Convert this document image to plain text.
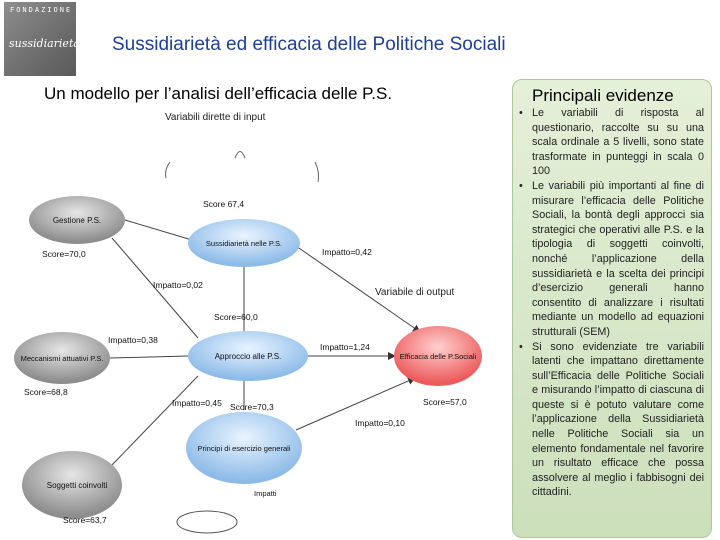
FONDAZIONE
sussidiarietà Sussidiarietà ed efficacia delle Politiche Sociali
Un modello per l’analisi dell’efficacia delle P.S.
Variabili dirette di input
Variabile di output
Gestione P.S.
Score=70,0
Meccanismi attuativi P.S.
Score=68,8
Soggetti coinvolti
Score=63,7
Sussidiarietà nelle P.S.
Score 67,4
Approccio alle P.S.
Score=60,0
Principi di esercizio generali
Score=70,3
Efficacia delle P.Sociali
Score=57,0
Impatto=0,42
Impatto=0,02
Impatto=0,38
Impatto=1,24
Impatto=0,45
Impatto=0,10
Impatti
Principali evidenze
• Le variabili di risposta al questionario, raccolte su su una scala ordinale a 5 livelli, sono state trasformate in punteggi in scala 0 100
• Le variabili più importanti al fine di misurare l’efficacia delle Politiche Sociali, la bontà degli approcci sia strategici che operativi alle P.S. e la tipologia di soggetti coinvolti, nonché l’applicazione della sussidiarietà e la scelta dei principi d’esercizio generali hanno consentito di analizzare i risultati mediante un modello ad equazioni strutturali (SEM)
• Si sono evidenziate tre variabili latenti che impattano direttamente sull’Efficacia delle Politiche Sociali e misurando l’impatto di ciascuna di queste si è potuto valutare come l’applicazione della Sussidiarietà nelle Politiche Sociali sia un elemento fondamentale nel favorire un risultato efficace che possa assolvere al meglio i fabbisogni dei cittadini.
